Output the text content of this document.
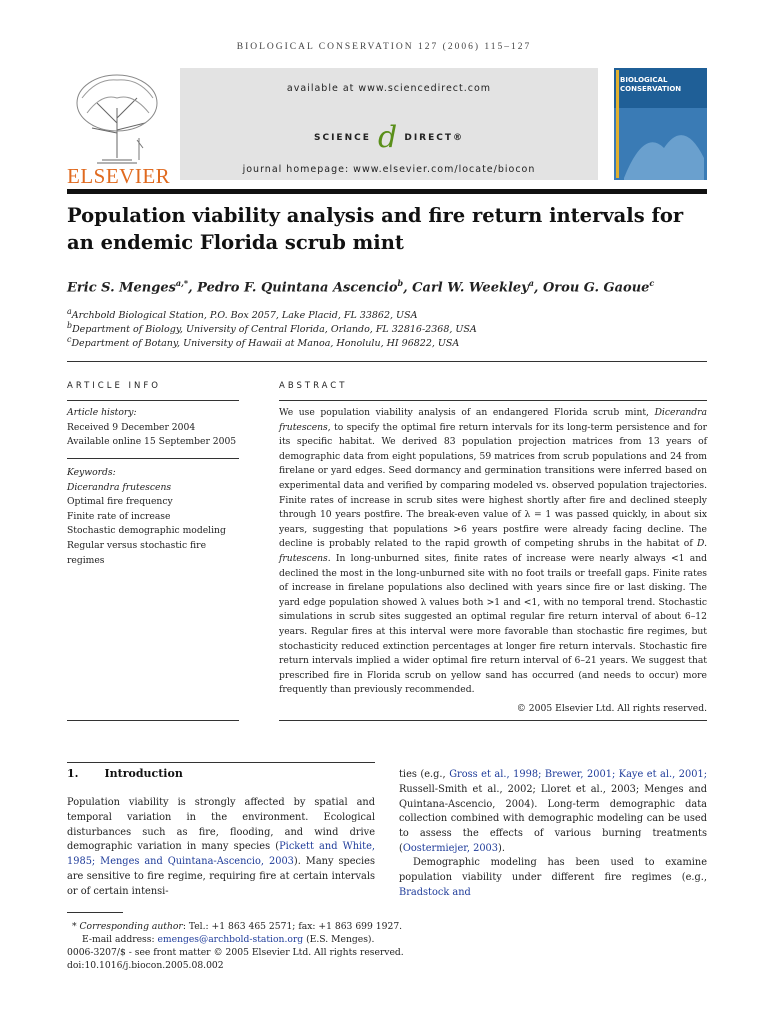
BIOLOGICAL CONSERVATION 127 (2006) 115–127
ELSEVIER
available at www.sciencedirect.com
SCIENCE d DIRECT®
journal homepage: www.elsevier.com/locate/biocon
BIOLOGICAL
CONSERVATION
Population viability analysis and fire return intervals for
an endemic Florida scrub mint
Eric S. Menges$^{a,*}$, Pedro F. Quintana Ascencio$^b$, Carl W. Weekley$^a$, Orou G. Gaoue$^c$
$^a$Archbold Biological Station, P.O. Box 2057, Lake Placid, FL 33862, USA
$^b$Department of Biology, University of Central Florida, Orlando, FL 32816-2368, USA
$^c$Department of Botany, University of Hawaii at Manoa, Honolulu, HI 96822, USA
ARTICLE INFO
Article history:
Received 9 December 2004
Available online 15 September 2005
Keywords:
Dicerandra frutescens
Optimal fire frequency
Finite rate of increase
Stochastic demographic modeling
Regular versus stochastic fire
regimes
ABSTRACT
We use population viability analysis of an endangered Florida scrub mint, Dicerandra frutescens, to specify the optimal fire return intervals for its long-term persistence and for its specific habitat. We derived 83 population projection matrices from 13 years of demographic data from eight populations, 59 matrices from scrub populations and 24 from firelane or yard edges. Seed dormancy and germination transitions were inferred based on experimental data and verified by comparing modeled vs. observed population trajectories. Finite rates of increase in scrub sites were highest shortly after fire and declined steeply through 10 years postfire. The break-even value of λ = 1 was passed quickly, in about six years, suggesting that populations >6 years postfire were already facing decline. The decline is probably related to the rapid growth of competing shrubs in the habitat of D. frutescens. In long-unburned sites, finite rates of increase were nearly always <1 and declined the most in the long-unburned site with no foot trails or treefall gaps. Finite rates of increase in firelane populations also declined with years since fire or last disking. The yard edge population showed λ values both >1 and <1, with no temporal trend. Stochastic simulations in scrub sites suggested an optimal regular fire return interval of about 6–12 years. Regular fires at this interval were more favorable than stochastic fire regimes, but stochasticity reduced extinction percentages at longer fire return intervals. Stochastic fire return intervals implied a wider optimal fire return interval of 6–21 years. We suggest that prescribed fire in Florida scrub on yellow sand has occurred (and needs to occur) more frequently than previously recommended.
© 2005 Elsevier Ltd. All rights reserved.
1. Introduction
Population viability is strongly affected by spatial and temporal variation in the environment. Ecological disturbances such as fire, flooding, and wind drive demographic variation in many species (Pickett and White, 1985; Menges and Quintana-Ascencio, 2003). Many species are sensitive to fire regime, requiring fire at certain intervals or of certain intensi-
ties (e.g., Gross et al., 1998; Brewer, 2001; Kaye et al., 2001; Russell-Smith et al., 2002; Lloret et al., 2003; Menges and Quintana-Ascencio, 2004). Long-term demographic data collection combined with demographic modeling can be used to assess the effects of various burning treatments (Oostermiejer, 2003).
Demographic modeling has been used to examine population viability under different fire regimes (e.g., Bradstock and
* Corresponding author: Tel.: +1 863 465 2571; fax: +1 863 699 1927.
E-mail address: emenges@archbold-station.org (E.S. Menges).
0006-3207/$ - see front matter © 2005 Elsevier Ltd. All rights reserved.
doi:10.1016/j.biocon.2005.08.002
